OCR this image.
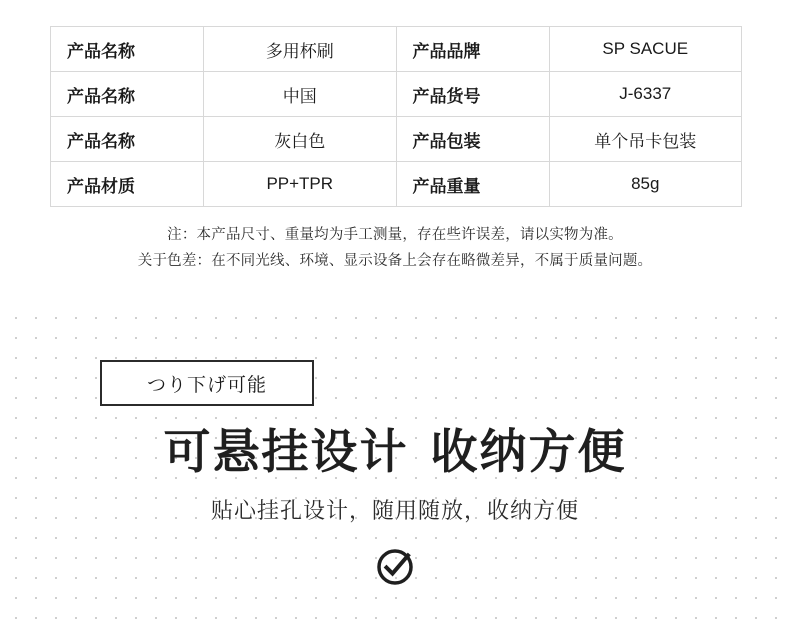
产品名称	多用杯刷	产品品牌	SP SACUE
产品名称	中国	产品货号	J-6337
产品名称	灰白色	产品包装	单个吊卡包装
产品材质	PP+TPR	产品重量	85g
注：本产品尺寸、重量均为手工测量，存在些许误差，请以实物为准。
关于色差：在不同光线、环境、显示设备上会存在略微差异，不属于质量问题。
つり下げ可能
可悬挂设计 收纳方便
贴心挂孔设计，随用随放，收纳方便
